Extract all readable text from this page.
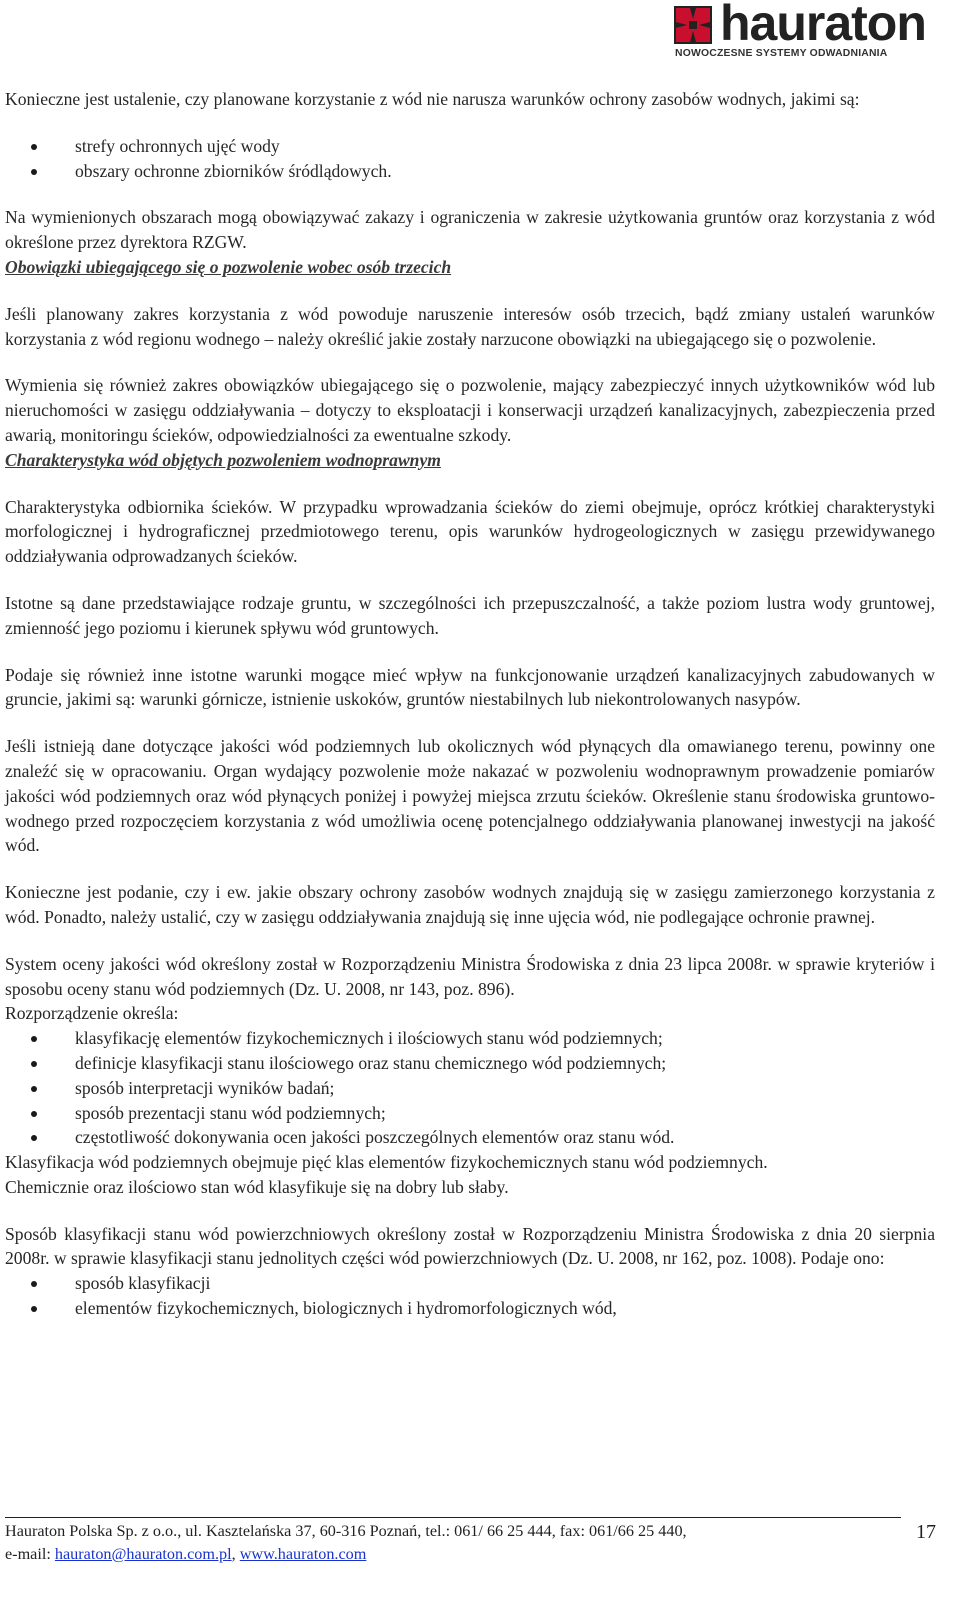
hauraton
NOWOCZESNE SYSTEMY ODWADNIANIA

Konieczne jest ustalenie, czy planowane korzystanie z wód nie narusza warunków ochrony zasobów wodnych, jakimi są:

strefy ochronnych ujęć wody
obszary ochronne zbiorników śródlądowych.

Na wymienionych obszarach mogą obowiązywać zakazy i ograniczenia w zakresie użytkowania gruntów oraz korzystania z wód określone przez dyrektora RZGW.

Obowiązki ubiegającego się o pozwolenie wobec osób trzecich

Jeśli planowany zakres korzystania z wód powoduje naruszenie interesów osób trzecich, bądź zmiany ustaleń warunków korzystania z wód regionu wodnego – należy określić jakie zostały narzucone obowiązki na ubiegającego się o pozwolenie.

Wymienia się również zakres obowiązków ubiegającego się o pozwolenie, mający zabezpieczyć innych użytkowników wód lub nieruchomości w zasięgu oddziaływania – dotyczy to eksploatacji i konserwacji urządzeń kanalizacyjnych, zabezpieczenia przed awarią, monitoringu ścieków, odpowiedzialności za ewentualne szkody.

Charakterystyka wód objętych pozwoleniem wodnoprawnym

Charakterystyka odbiornika ścieków. W przypadku wprowadzania ścieków do ziemi obejmuje, oprócz krótkiej charakterystyki morfologicznej i hydrograficznej przedmiotowego terenu, opis warunków hydrogeologicznych w zasięgu przewidywanego oddziaływania odprowadzanych ścieków.

Istotne są dane przedstawiające rodzaje gruntu, w szczególności ich przepuszczalność, a także poziom lustra wody gruntowej, zmienność jego poziomu i kierunek spływu wód gruntowych.

Podaje się również inne istotne warunki mogące mieć wpływ na funkcjonowanie urządzeń kanalizacyjnych zabudowanych w gruncie, jakimi są: warunki górnicze, istnienie uskoków, gruntów niestabilnych lub niekontrolowanych nasypów.

Jeśli istnieją dane dotyczące jakości wód podziemnych lub okolicznych wód płynących dla omawianego terenu, powinny one znaleźć się w opracowaniu. Organ wydający pozwolenie może nakazać w pozwoleniu wodnoprawnym prowadzenie pomiarów jakości wód podziemnych oraz wód płynących poniżej i powyżej miejsca zrzutu ścieków. Określenie stanu środowiska gruntowo-wodnego przed rozpoczęciem korzystania z wód umożliwia ocenę potencjalnego oddziaływania planowanej inwestycji na jakość wód.

Konieczne jest podanie, czy i ew. jakie obszary ochrony zasobów wodnych znajdują się w zasięgu zamierzonego korzystania z wód. Ponadto, należy ustalić, czy w zasięgu oddziaływania znajdują się inne ujęcia wód, nie podlegające ochronie prawnej.

System oceny jakości wód określony został w Rozporządzeniu Ministra Środowiska z dnia 23 lipca 2008r. w sprawie kryteriów i sposobu oceny stanu wód podziemnych (Dz. U. 2008, nr 143, poz. 896).

Rozporządzenie określa:

klasyfikację elementów fizykochemicznych i ilościowych stanu wód podziemnych;
definicje klasyfikacji stanu ilościowego oraz stanu chemicznego wód podziemnych;
sposób interpretacji wyników badań;
sposób prezentacji stanu wód podziemnych;
częstotliwość dokonywania ocen jakości poszczególnych elementów oraz stanu wód.

Klasyfikacja wód podziemnych obejmuje pięć klas elementów fizykochemicznych stanu wód podziemnych.

Chemicznie oraz ilościowo stan wód klasyfikuje się na dobry lub słaby.

Sposób klasyfikacji stanu wód powierzchniowych określony został w Rozporządzeniu Ministra Środowiska z dnia 20 sierpnia 2008r. w sprawie klasyfikacji stanu jednolitych części wód powierzchniowych (Dz. U. 2008, nr 162, poz. 1008). Podaje ono:

sposób klasyfikacji
elementów fizykochemicznych, biologicznych i hydromorfologicznych wód,
Hauraton Polska Sp. z o.o., ul. Kasztelańska 37, 60-316 Poznań, tel.: 061/ 66 25 444, fax: 061/66 25 440,
e-mail: hauraton@hauraton.com.pl, www.hauraton.com
17
